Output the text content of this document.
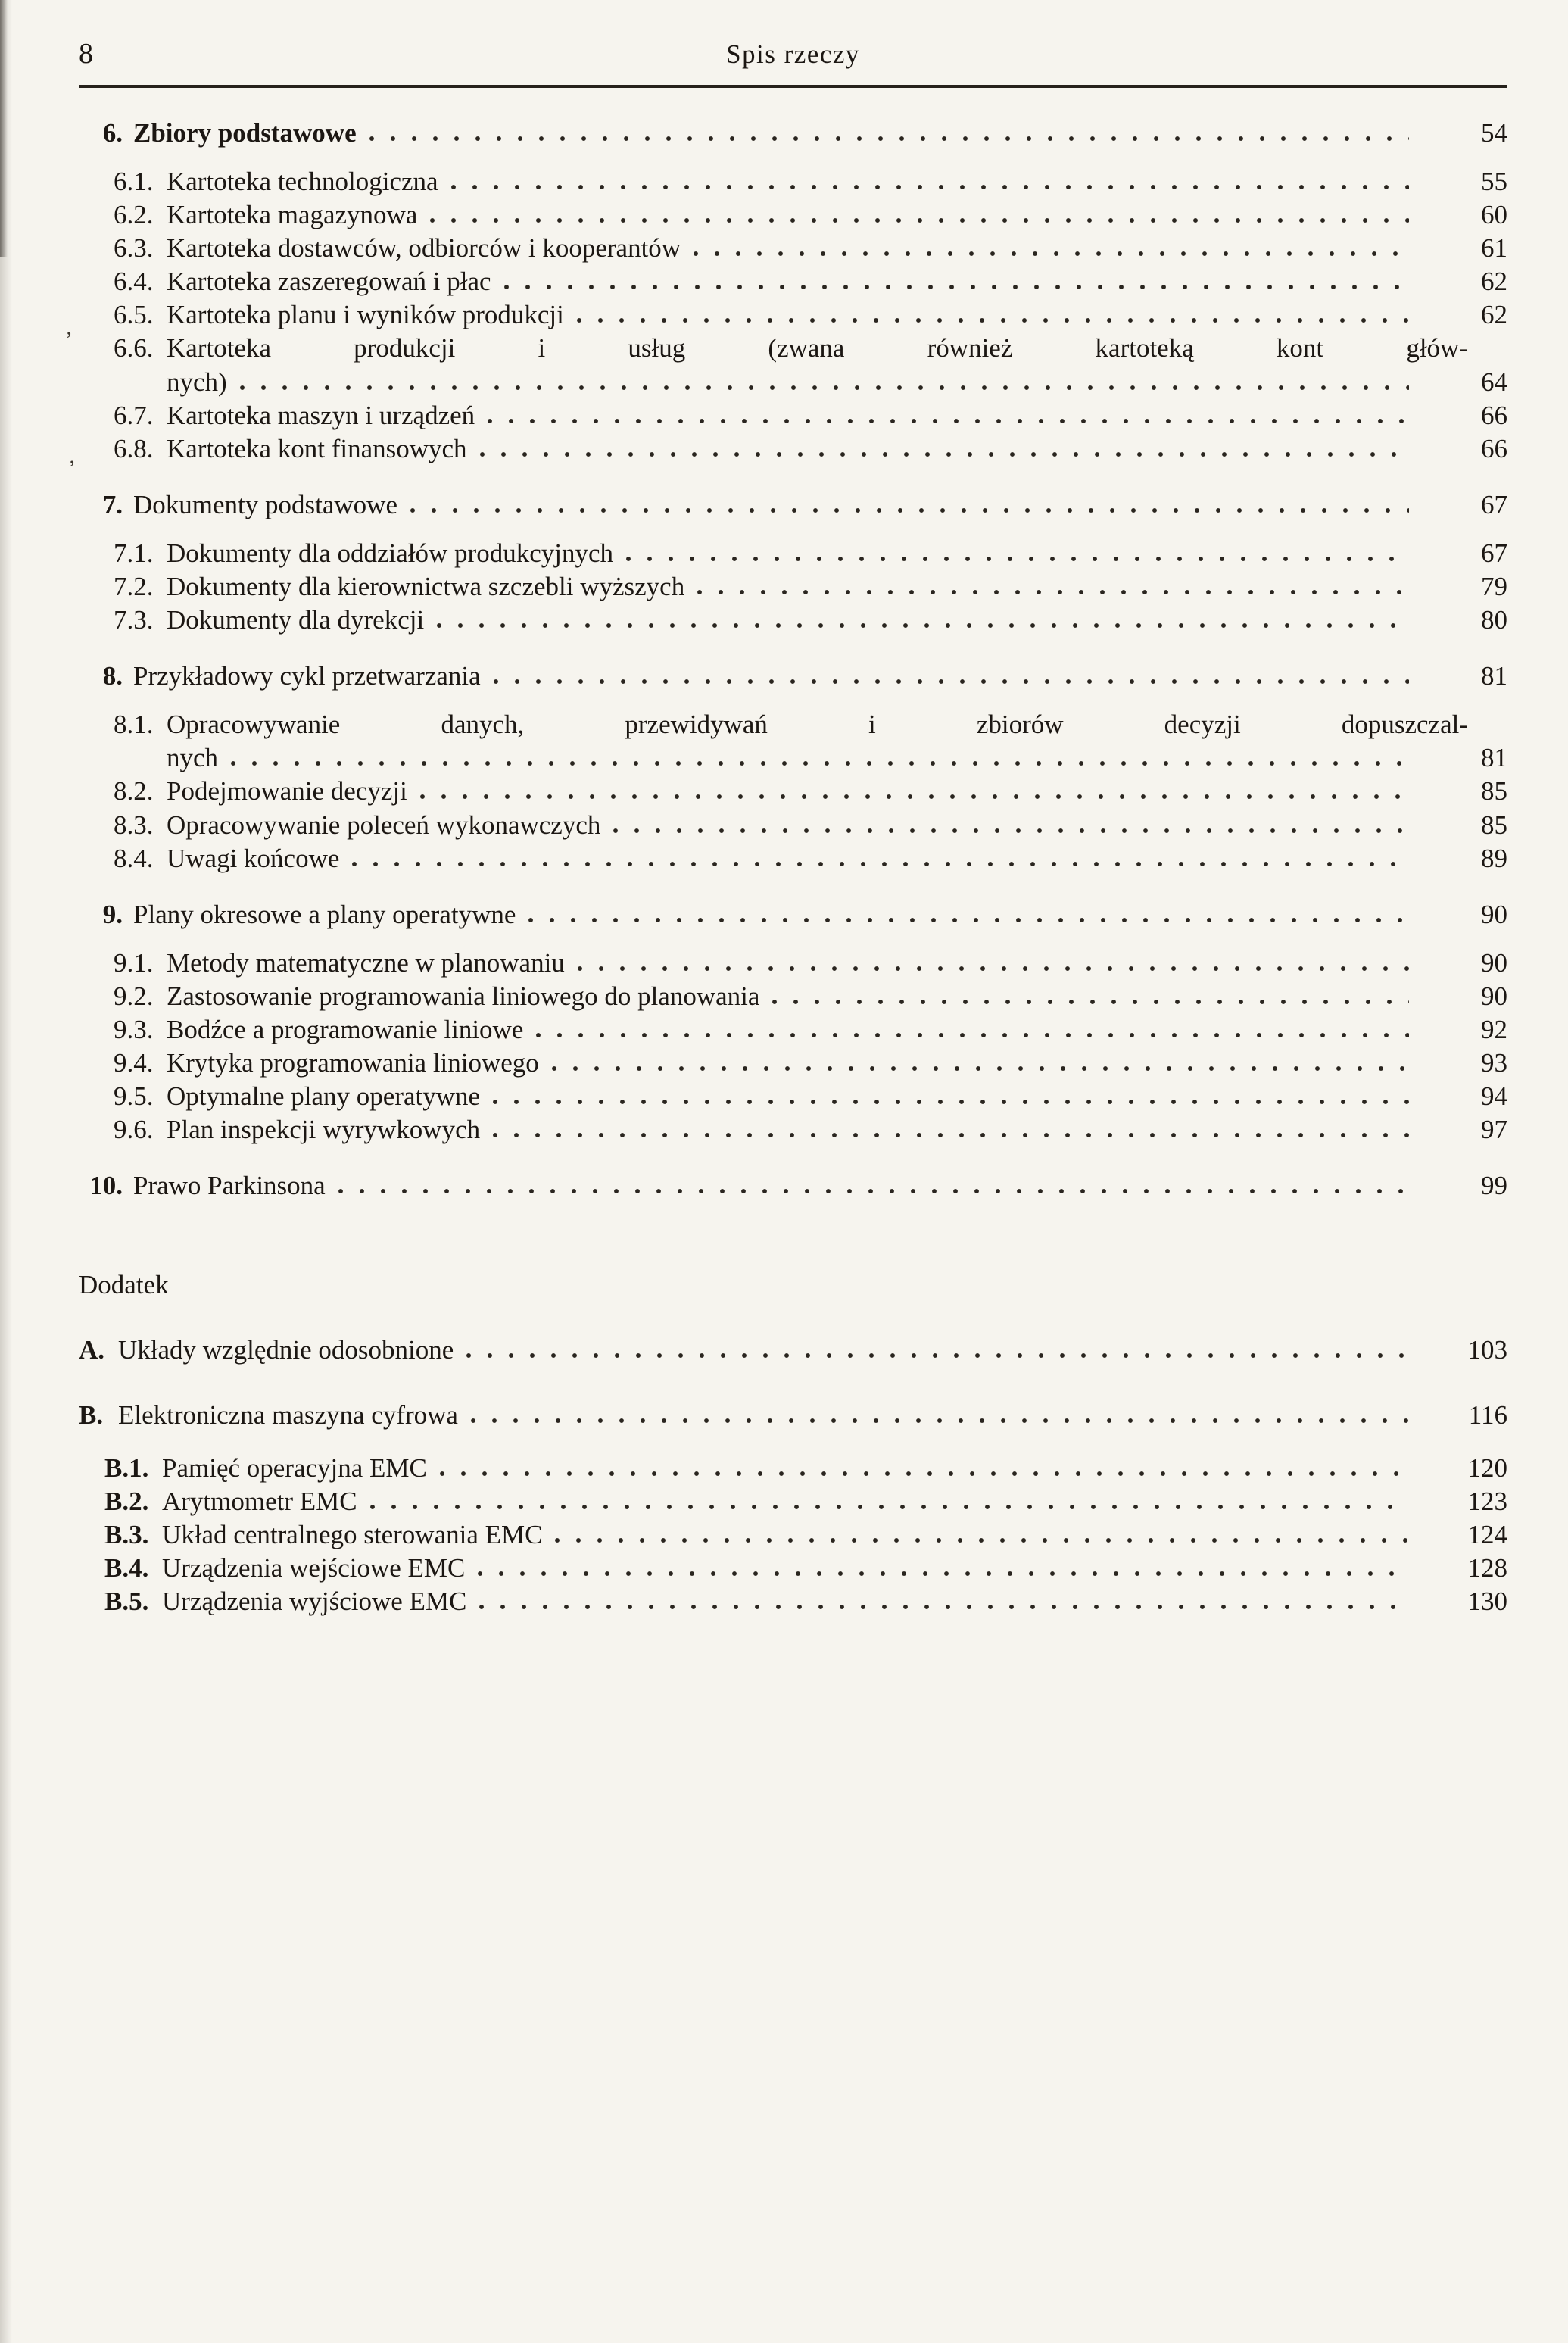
8	Spis rzeczy
6. Zbiory podstawowe	54
6.1. Kartoteka technologiczna	55
6.2. Kartoteka magazynowa	60
6.3. Kartoteka dostawców, odbiorców i kooperantów	61
6.4. Kartoteka zaszeregowań i płac	62
6.5. Kartoteka planu i wyników produkcji	62
6.6. Kartoteka produkcji i usług (zwana również kartoteką kont głów-
nych)	64
6.7. Kartoteka maszyn i urządzeń	66
6.8. Kartoteka kont finansowych	66
7. Dokumenty podstawowe	67
7.1. Dokumenty dla oddziałów produkcyjnych	67
7.2. Dokumenty dla kierownictwa szczebli wyższych	79
7.3. Dokumenty dla dyrekcji	80
8. Przykładowy cykl przetwarzania	81
8.1. Opracowywanie danych, przewidywań i zbiorów decyzji dopuszczal-
nych	81
8.2. Podejmowanie decyzji	85
8.3. Opracowywanie poleceń wykonawczych	85
8.4. Uwagi końcowe	89
9. Plany okresowe a plany operatywne	90
9.1. Metody matematyczne w planowaniu	90
9.2. Zastosowanie programowania liniowego do planowania	90
9.3. Bodźce a programowanie liniowe	92
9.4. Krytyka programowania liniowego	93
9.5. Optymalne plany operatywne	94
9.6. Plan inspekcji wyrywkowych	97
10. Prawo Parkinsona	99
Dodatek
A. Układy względnie odosobnione	103
B. Elektroniczna maszyna cyfrowa	116
B.1. Pamięć operacyjna EMC	120
B.2. Arytmometr EMC	123
B.3. Układ centralnego sterowania EMC	124
B.4. Urządzenia wejściowe EMC	128
B.5. Urządzenia wyjściowe EMC	130
’
’
